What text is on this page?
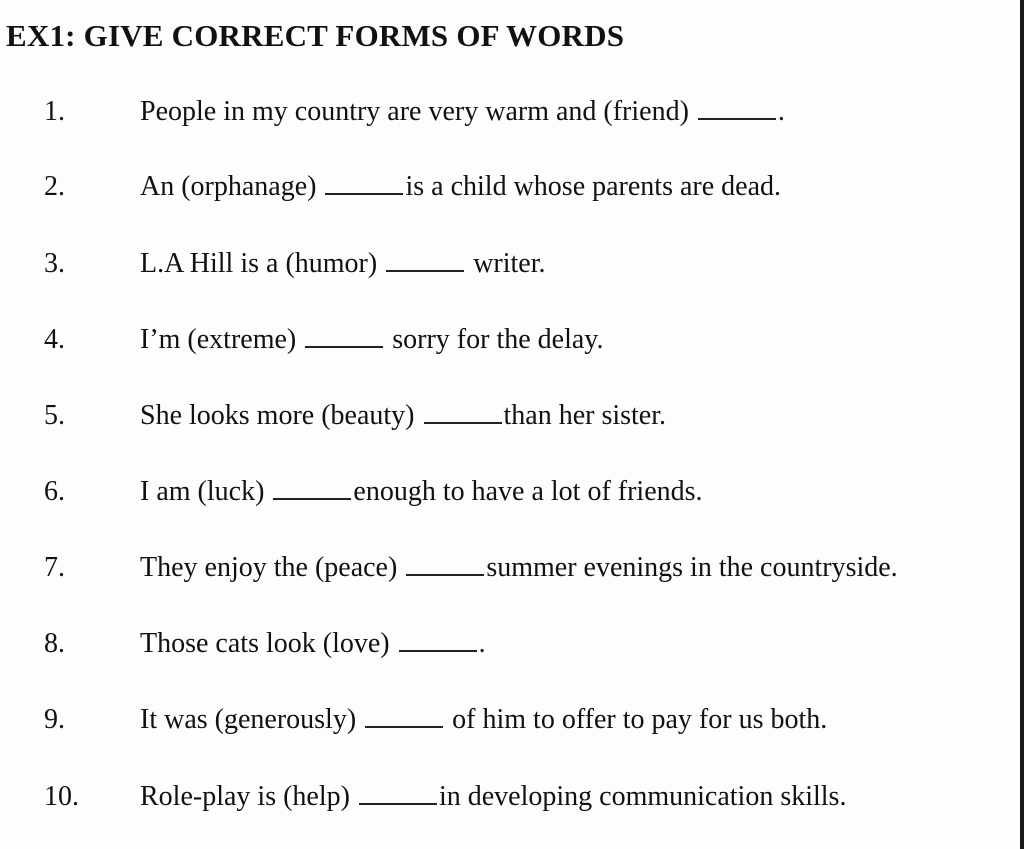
EX1: GIVE CORRECT FORMS OF WORDS
1.	People in my country are very warm and (friend)	.
2.	An (orphanage)	is a child whose parents are dead.
3.	L.A Hill is a (humor)	writer.
4.	I’m (extreme)	sorry for the delay.
5.	She looks more (beauty)	than her sister.
6.	I am (luck)	enough to have a lot of friends.
7.	They enjoy the (peace)	summer evenings in the countryside.
8.	Those cats look (love)	.
9.	It was (generously)	of him to offer to pay for us both.
10. Role-play is (help)	in developing communication skills.
